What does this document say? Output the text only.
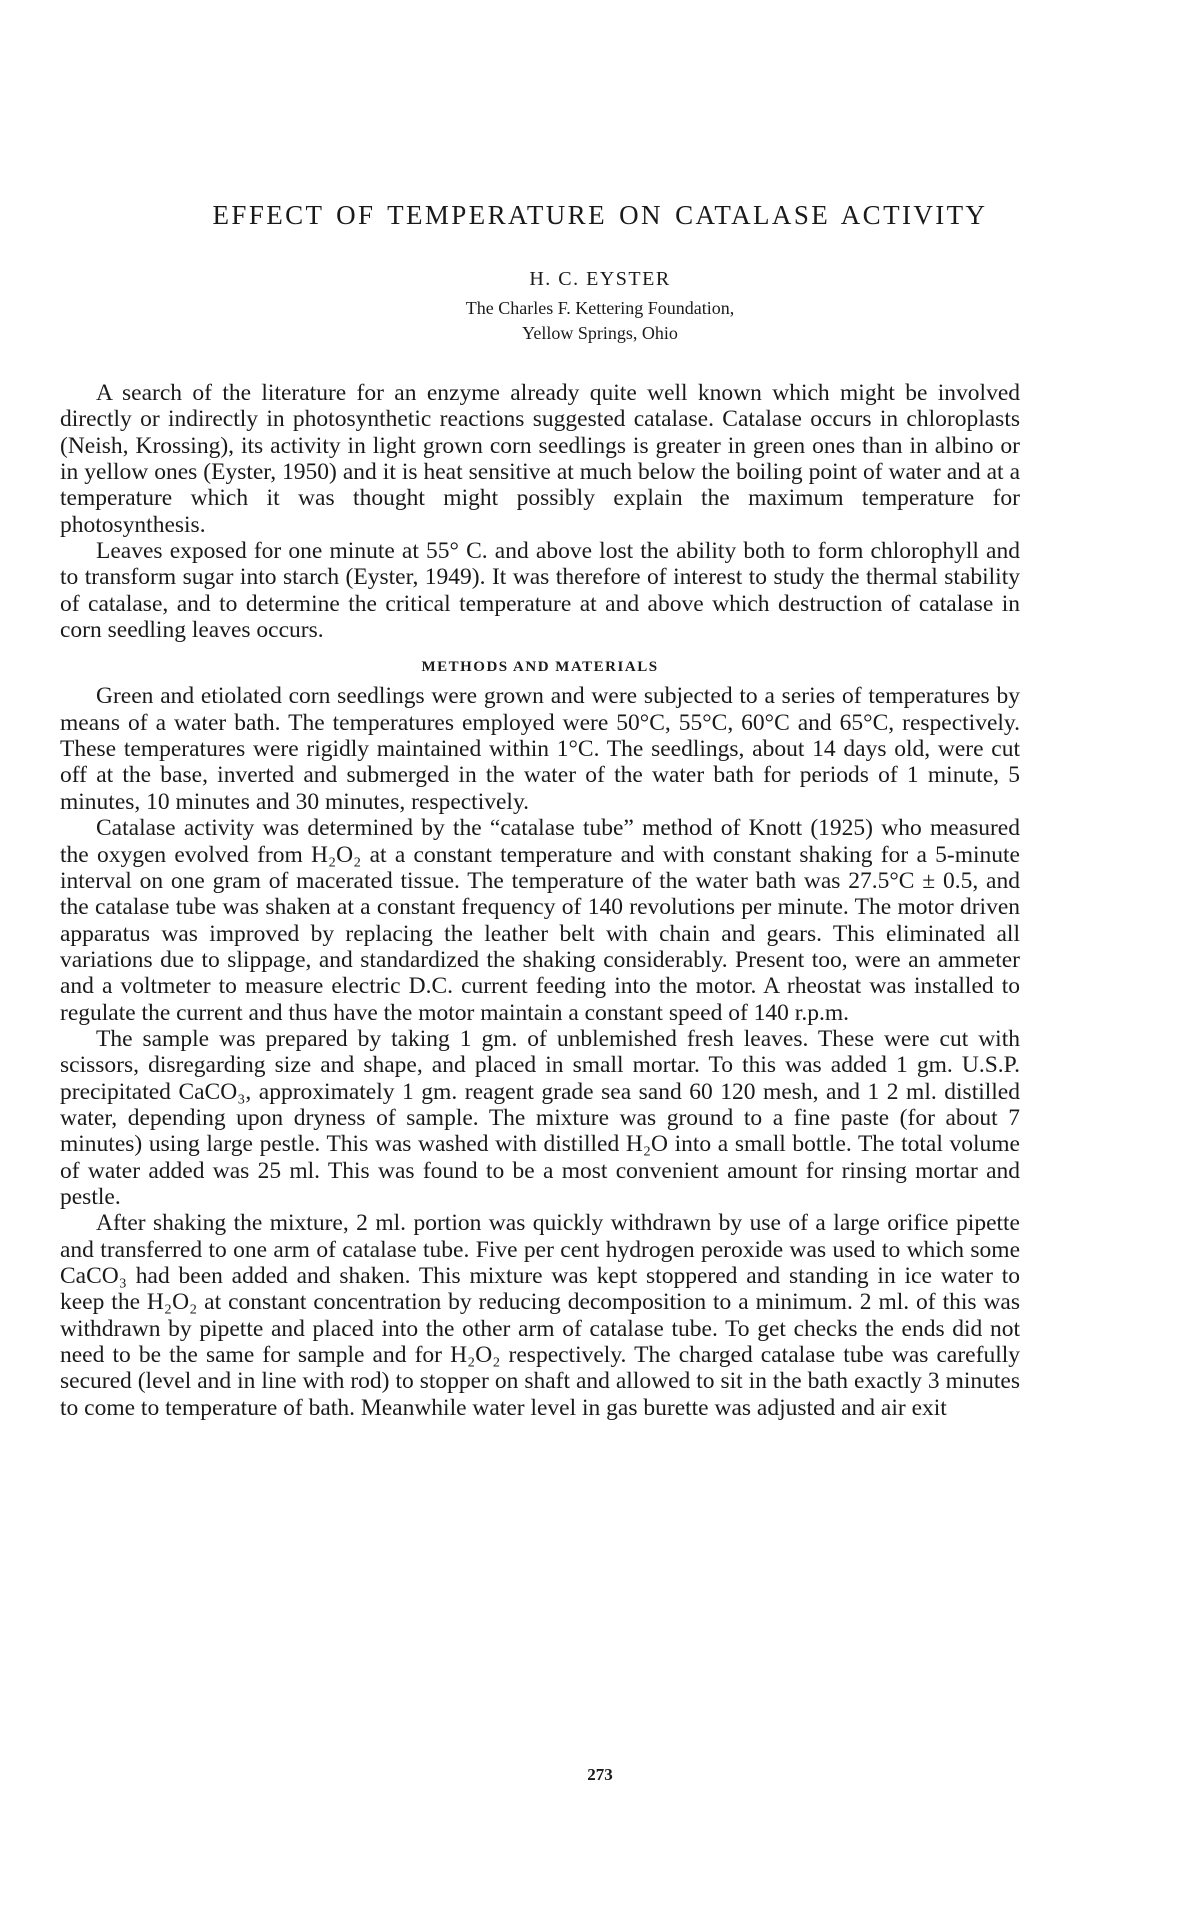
EFFECT OF TEMPERATURE ON CATALASE ACTIVITY
H. C. EYSTER
The Charles F. Kettering Foundation,
Yellow Springs, Ohio

A search of the literature for an enzyme already quite well known which might be involved directly or indirectly in photosynthetic reactions suggested catalase. Catalase occurs in chloroplasts (Neish, Krossing), its activity in light grown corn seedlings is greater in green ones than in albino or in yellow ones (Eyster, 1950) and it is heat sensitive at much below the boiling point of water and at a temperature which it was thought might possibly explain the maximum temperature for photosynthesis.

Leaves exposed for one minute at 55° C. and above lost the ability both to form chlorophyll and to transform sugar into starch (Eyster, 1949). It was therefore of interest to study the thermal stability of catalase, and to determine the critical temperature at and above which destruction of catalase in corn seedling leaves occurs.

METHODS AND MATERIALS

Green and etiolated corn seedlings were grown and were subjected to a series of temperatures by means of a water bath. The temperatures employed were 50°C, 55°C, 60°C and 65°C, respectively. These temperatures were rigidly maintained within 1°C. The seedlings, about 14 days old, were cut off at the base, inverted and submerged in the water of the water bath for periods of 1 minute, 5 minutes, 10 minutes and 30 minutes, respectively.

Catalase activity was determined by the “catalase tube” method of Knott (1925) who measured the oxygen evolved from H₂O₂ at a constant temperature and with constant shaking for a 5-minute interval on one gram of macerated tissue. The temperature of the water bath was 27.5°C ± 0.5, and the catalase tube was shaken at a constant frequency of 140 revolutions per minute. The motor driven apparatus was improved by replacing the leather belt with chain and gears. This eliminated all variations due to slippage, and standardized the shaking considerably. Present too, were an ammeter and a voltmeter to measure electric D.C. current feeding into the motor. A rheostat was installed to regulate the current and thus have the motor maintain a constant speed of 140 r.p.m.

The sample was prepared by taking 1 gm. of unblemished fresh leaves. These were cut with scissors, disregarding size and shape, and placed in small mortar. To this was added 1 gm. U.S.P. precipitated CaCO₃, approximately 1 gm. reagent grade sea sand 60 120 mesh, and 1 2 ml. distilled water, depending upon dryness of sample. The mixture was ground to a fine paste (for about 7 minutes) using large pestle. This was washed with distilled H₂O into a small bottle. The total volume of water added was 25 ml. This was found to be a most convenient amount for rinsing mortar and pestle.

After shaking the mixture, 2 ml. portion was quickly withdrawn by use of a large orifice pipette and transferred to one arm of catalase tube. Five per cent hydrogen peroxide was used to which some CaCO₃ had been added and shaken. This mixture was kept stoppered and standing in ice water to keep the H₂O₂ at constant concentration by reducing decomposition to a minimum. 2 ml. of this was withdrawn by pipette and placed into the other arm of catalase tube. To get checks the ends did not need to be the same for sample and for H₂O₂ respectively. The charged catalase tube was carefully secured (level and in line with rod) to stopper on shaft and allowed to sit in the bath exactly 3 minutes to come to temperature of bath. Meanwhile water level in gas burette was adjusted and air exit

273
